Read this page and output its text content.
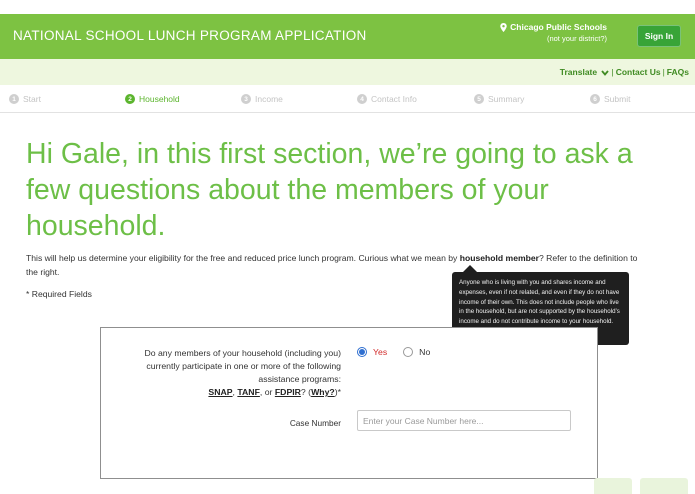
NATIONAL SCHOOL LUNCH PROGRAM APPLICATION
Chicago Public Schools
(not your district?)	Sign In
Translate	| Contact Us | FAQs
1 Start	2 Household	3 Income	4 Contact Info	5 Summary	6 Submit
Hi Gale, in this first section, we’re going to ask a few questions about the members of your household.

This will help us determine your eligibility for the free and reduced price lunch program. Curious what we mean by household member? Refer to the definition to the right.

* Required Fields
Anyone who is living with you and shares income and expenses, even if not related, and even if they do not have income of their own. This does not include people who live in the household, but are not supported by the household’s income and do not contribute income to your household.
Do any members of your household (including you) currently participate in one or more of the following assistance programs:
SNAP, TANF, or FDPIR? (Why?)*
Yes	No
Case Number
Enter your Case Number here...
